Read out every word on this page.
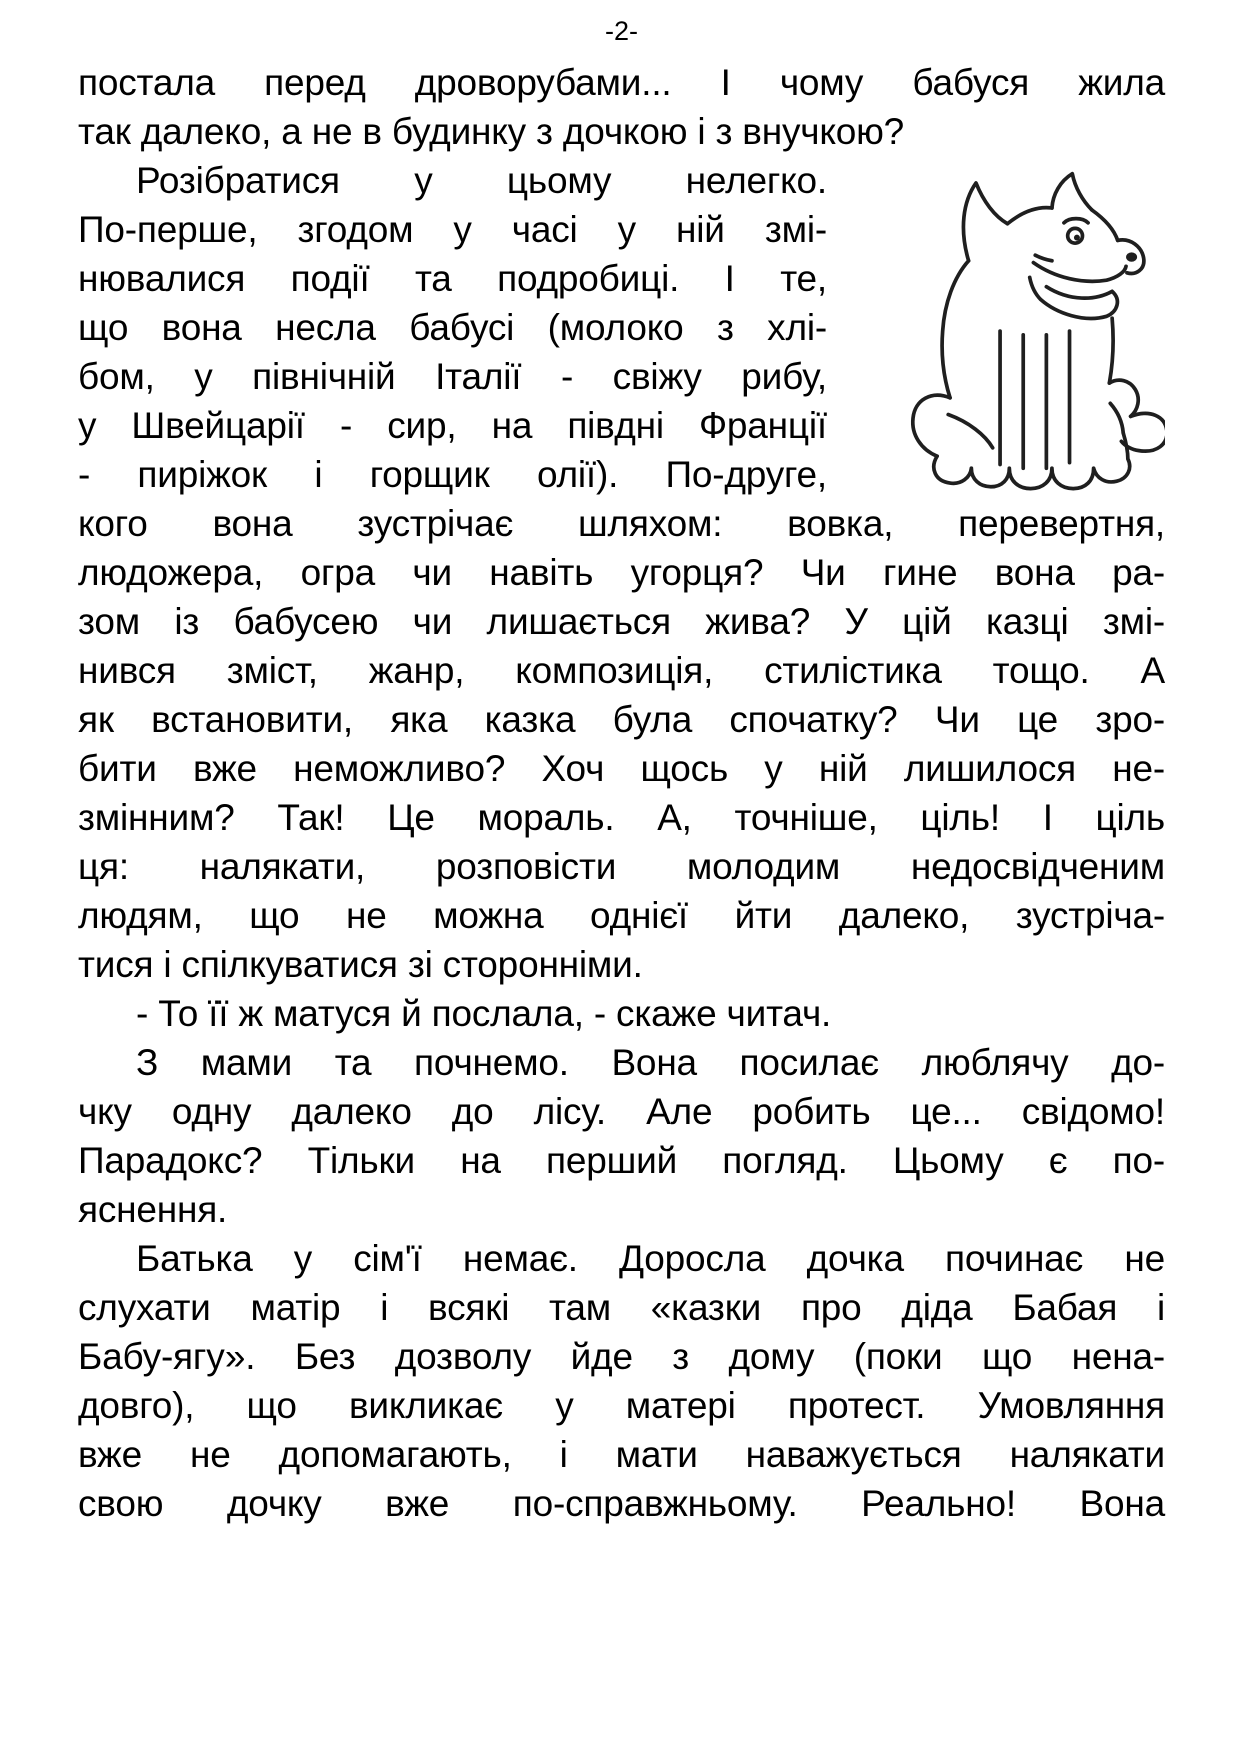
-2-
постала перед дроворубами... І чому бабуся жила
так далеко, а не в будинку з дочкою і з внучкою?
Розібратися у цьому нелегко.
По-перше, згодом у часі у ній змі-
нювалися події та подробиці. І те,
що вона несла бабусі (молоко з хлі-
бом, у північній Італії - свіжу рибу,
у Швейцарії - сир, на півдні Франції
- пиріжок і горщик олії). По-друге,
кого вона зустрічає шляхом: вовка, перевертня,
людожера, огра чи навіть угорця? Чи гине вона ра-
зом із бабусею чи лишається жива? У цій казці змі-
нився зміст, жанр, композиція, стилістика тощо. А
як встановити, яка казка була спочатку? Чи це зро-
бити вже неможливо? Хоч щось у ній лишилося не-
змінним? Так! Це мораль. А, точніше, ціль! І ціль
ця: налякати, розповісти молодим недосвідченим
людям, що не можна однієї йти далеко, зустріча-
тися і спілкуватися зі сторонніми.
- То її ж матуся й послала, - скаже читач.
З мами та почнемо. Вона посилає люблячу до-
чку одну далеко до лісу. Але робить це... свідомо!
Парадокс? Тільки на перший погляд. Цьому є по-
яснення.
Батька у сім'ї немає. Доросла дочка починає не
слухати матір і всякі там «казки про діда Бабая і
Бабу-ягу». Без дозволу йде з дому (поки що нена-
довго), що викликає у матері протест. Умовляння
вже не допомагають, і мати наважується налякати
свою дочку вже по-справжньому. Реально! Вона
